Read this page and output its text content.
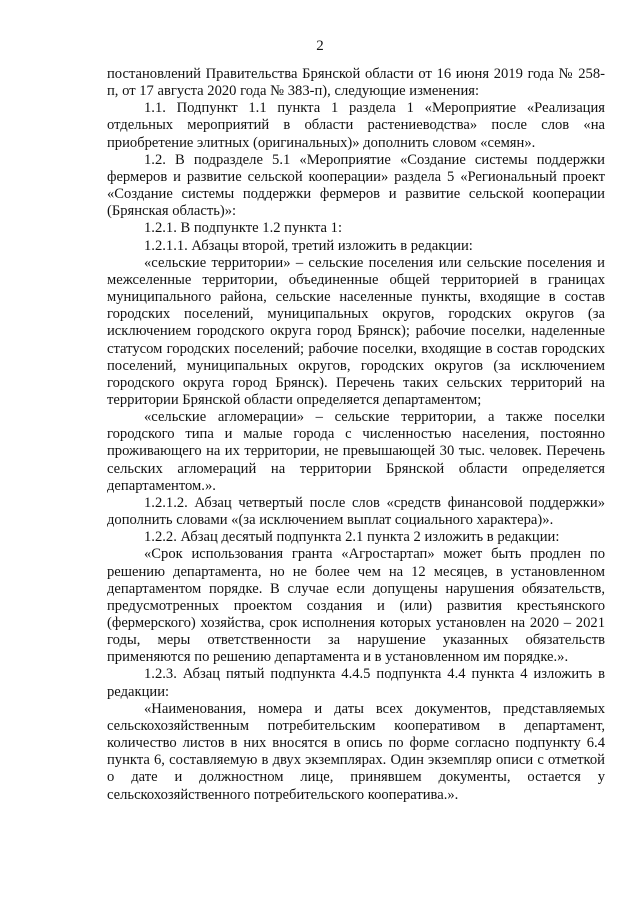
2

постановлений Правительства Брянской области от 16 июня 2019 года № 258-п, от 17 августа 2020 года № 383-п), следующие изменения:

1.1. Подпункт 1.1 пункта 1 раздела 1 «Мероприятие «Реализация отдельных мероприятий в области растениеводства» после слов «на приобретение элитных (оригинальных)» дополнить словом «семян».

1.2. В подразделе 5.1 «Мероприятие «Создание системы поддержки фермеров и развитие сельской кооперации» раздела 5 «Региональный проект «Создание системы поддержки фермеров и развитие сельской кооперации (Брянская область)»:

1.2.1. В подпункте 1.2 пункта 1:

1.2.1.1. Абзацы второй, третий изложить в редакции:

«сельские территории» – сельские поселения или сельские поселения и межселенные территории, объединенные общей территорией в границах муниципального района, сельские населенные пункты, входящие в состав городских поселений, муниципальных округов, городских округов (за исключением городского округа город Брянск); рабочие поселки, наделенные статусом городских поселений; рабочие поселки, входящие в состав городских поселений, муниципальных округов, городских округов (за исключением городского округа город Брянск). Перечень таких сельских территорий на территории Брянской области определяется департаментом;

«сельские агломерации» – сельские территории, а также поселки городского типа и малые города с численностью населения, постоянно проживающего на их территории, не превышающей 30 тыс. человек. Перечень сельских агломераций на территории Брянской области определяется департаментом.».

1.2.1.2. Абзац четвертый после слов «средств финансовой поддержки» дополнить словами «(за исключением выплат социального характера)».

1.2.2. Абзац десятый подпункта 2.1 пункта 2 изложить в редакции:

«Срок использования гранта «Агростартап» может быть продлен по решению департамента, но не более чем на 12 месяцев, в установленном департаментом порядке. В случае если допущены нарушения обязательств, предусмотренных проектом создания и (или) развития крестьянского (фермерского) хозяйства, срок исполнения которых установлен на 2020 – 2021 годы, меры ответственности за нарушение указанных обязательств применяются по решению департамента и в установленном им порядке.».

1.2.3. Абзац пятый подпункта 4.4.5 подпункта 4.4 пункта 4 изложить в редакции:

«Наименования, номера и даты всех документов, представляемых сельскохозяйственным потребительским кооперативом в департамент, количество листов в них вносятся в опись по форме согласно подпункту 6.4 пункта 6, составляемую в двух экземплярах. Один экземпляр описи с отметкой о дате и должностном лице, принявшем документы, остается у сельскохозяйственного потребительского кооператива.».
